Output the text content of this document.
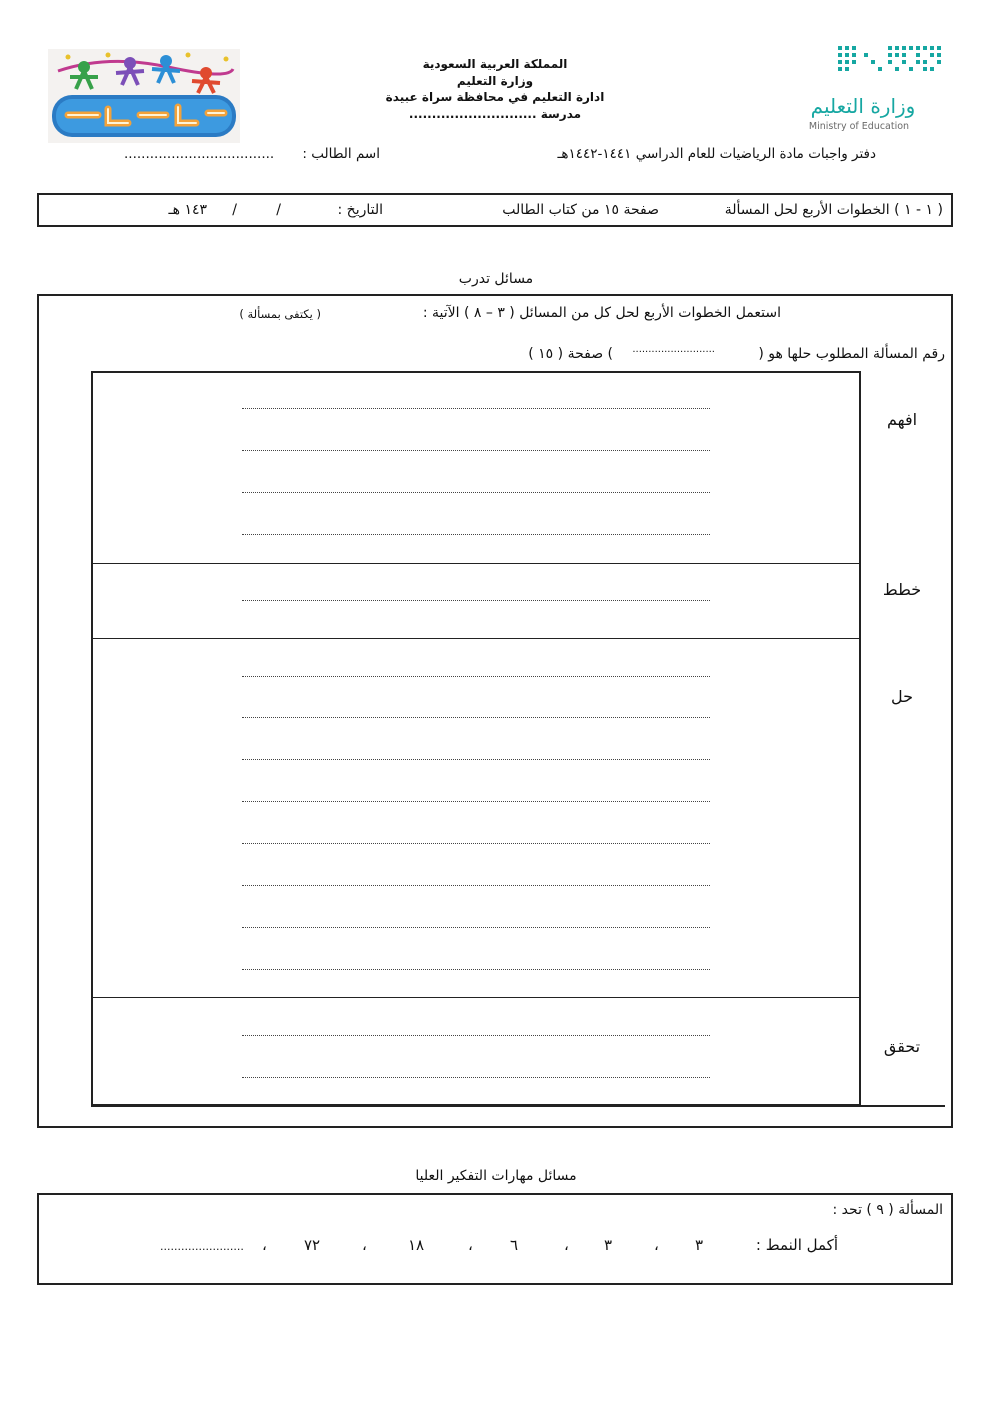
المملكة العربية السعودية
وزارة التعليم
ادارة التعليم في محافظة سراة عبيدة
مدرسة ............................	وزارة التعليم
Ministry of Education
دفتر واجبات مادة الرياضيات للعام الدراسي ١٤٤١-١٤٤٢هـ
اسم الطالب :
...................................
( ١ - ١ ) الخطوات الأربع لحل المسألة
صفحة ١٥ من كتاب الطالب
التاريخ :
/
/
١٤٣ هـ
مسائل تدرب
استعمل الخطوات الأربع لحل كل من المسائل ( ٣ – ٨ ) الآتية :
( يكتفى بمسألة )
رقم المسألة المطلوب حلها هو (
..........................
) صفحة ( ١٥ )
افهم
خطط
حل
تحقق
مسائل مهارات التفكير العليا
المسألة ( ٩ ) تحد :
أكمل النمط :
٣
،
٣
،
٦
،
١٨
،
٧٢
،
........................
